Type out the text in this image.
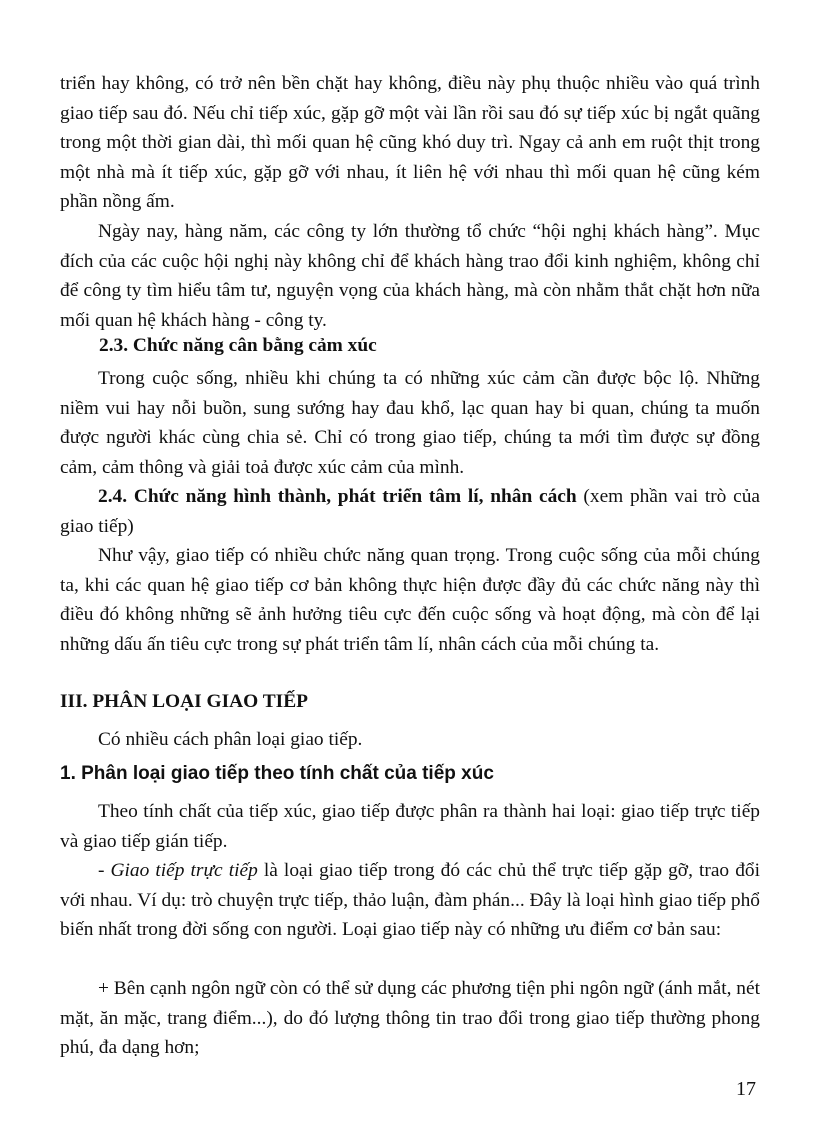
triển hay không, có trở nên bền chặt hay không, điều này phụ thuộc nhiều vào quá trình giao tiếp sau đó. Nếu chỉ tiếp xúc, gặp gỡ một vài lần rồi sau đó sự tiếp xúc bị ngắt quãng trong một thời gian dài, thì mối quan hệ cũng khó duy trì. Ngay cả anh em ruột thịt trong một nhà mà ít tiếp xúc, gặp gỡ với nhau, ít liên hệ với nhau thì mối quan hệ cũng kém phần nồng ấm.

Ngày nay, hàng năm, các công ty lớn thường tổ chức “hội nghị khách hàng”. Mục đích của các cuộc hội nghị này không chỉ để khách hàng trao đổi kinh nghiệm, không chỉ để công ty tìm hiểu tâm tư, nguyện vọng của khách hàng, mà còn nhằm thắt chặt hơn nữa mối quan hệ khách hàng - công ty.

2.3. Chức năng cân bằng cảm xúc

Trong cuộc sống, nhiều khi chúng ta có những xúc cảm cần được bộc lộ. Những niềm vui hay nỗi buồn, sung sướng hay đau khổ, lạc quan hay bi quan, chúng ta muốn được người khác cùng chia sẻ. Chỉ có trong giao tiếp, chúng ta mới tìm được sự đồng cảm, cảm thông và giải toả được xúc cảm của mình.

2.4. Chức năng hình thành, phát triển tâm lí, nhân cách (xem phần vai trò của giao tiếp)

Như vậy, giao tiếp có nhiều chức năng quan trọng. Trong cuộc sống của mỗi chúng ta, khi các quan hệ giao tiếp cơ bản không thực hiện được đầy đủ các chức năng này thì điều đó không những sẽ ảnh hưởng tiêu cực đến cuộc sống và hoạt động, mà còn để lại những dấu ấn tiêu cực trong sự phát triển tâm lí, nhân cách của mỗi chúng ta.

III. PHÂN LOẠI GIAO TIẾP

Có nhiều cách phân loại giao tiếp.

1. Phân loại giao tiếp theo tính chất của tiếp xúc

Theo tính chất của tiếp xúc, giao tiếp được phân ra thành hai loại: giao tiếp trực tiếp và giao tiếp gián tiếp.

- Giao tiếp trực tiếp là loại giao tiếp trong đó các chủ thể trực tiếp gặp gỡ, trao đổi với nhau. Ví dụ: trò chuyện trực tiếp, thảo luận, đàm phán... Đây là loại hình giao tiếp phổ biến nhất trong đời sống con người. Loại giao tiếp này có những ưu điểm cơ bản sau:

+ Bên cạnh ngôn ngữ còn có thể sử dụng các phương tiện phi ngôn ngữ (ánh mắt, nét mặt, ăn mặc, trang điểm...), do đó lượng thông tin trao đổi trong giao tiếp thường phong phú, đa dạng hơn;

17
